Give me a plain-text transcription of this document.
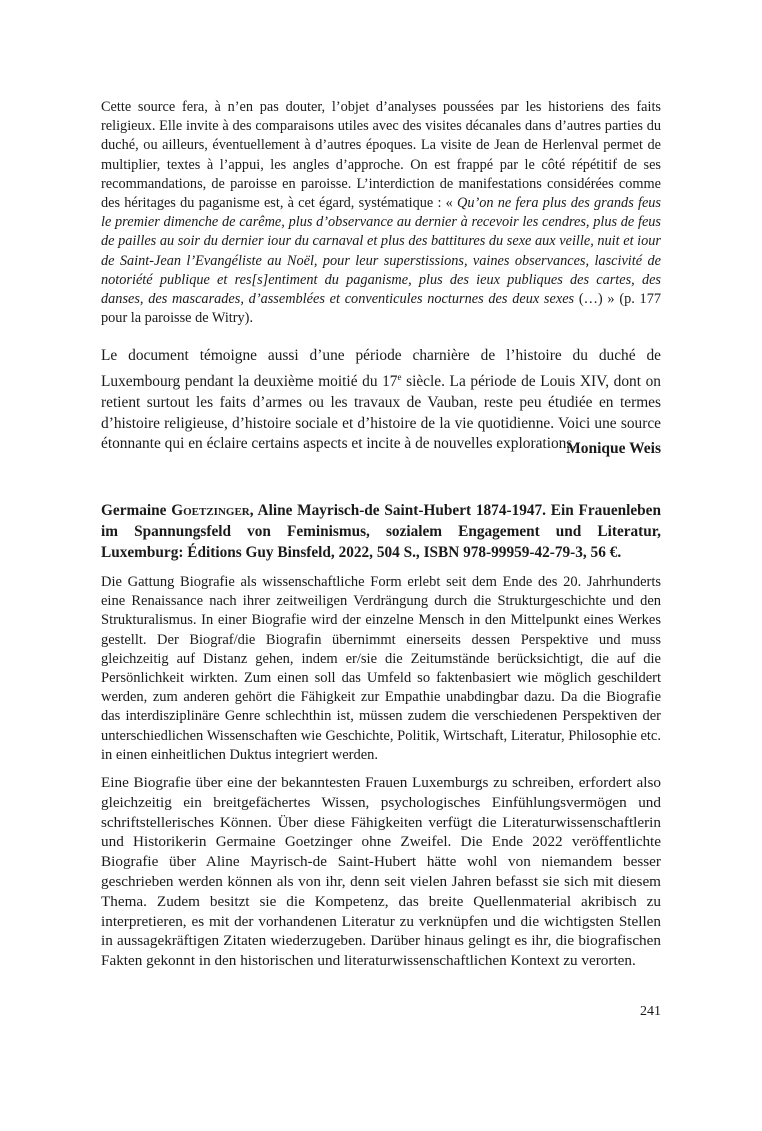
Cette source fera, à n’en pas douter, l’objet d’analyses poussées par les historiens des faits religieux. Elle invite à des comparaisons utiles avec des visites décanales dans d’autres parties du duché, ou ailleurs, éventuellement à d’autres époques. La visite de Jean de Herlenval permet de multiplier, textes à l’appui, les angles d’approche. On est frappé par le côté répétitif de ses recommandations, de paroisse en paroisse. L’interdiction de manifestations considérées comme des héritages du paganisme est, à cet égard, systématique : « Qu’on ne fera plus des grands feus le premier dimenche de carême, plus d’observance au dernier à recevoir les cendres, plus de feus de pailles au soir du dernier iour du carnaval et plus des battitures du sexe aux veille, nuit et iour de Saint-Jean l’Evangéliste au Noël, pour leur superstissions, vaines observances, lascivité de notoriété publique et res[s]entiment du paganisme, plus des ieux publiques des cartes, des danses, des mascarades, d’assemblées et conventicules nocturnes des deux sexes (…) » (p. 177 pour la paroisse de Witry).

Le document témoigne aussi d’une période charnière de l’histoire du duché de Luxembourg pendant la deuxième moitié du 17e siècle. La période de Louis XIV, dont on retient surtout les faits d’armes ou les travaux de Vauban, reste peu étudiée en termes d’histoire religieuse, d’histoire sociale et d’histoire de la vie quotidienne. Voici une source étonnante qui en éclaire certains aspects et incite à de nouvelles explorations.

Monique Weis

Germaine Goetzinger, Aline Mayrisch-de Saint-Hubert 1874-1947. Ein Frauenleben im Spannungsfeld von Feminismus, sozialem Engagement und Literatur, Luxemburg: Éditions Guy Binsfeld, 2022, 504 S., ISBN 978-99959-42-79-3, 56 €.

Die Gattung Biografie als wissenschaftliche Form erlebt seit dem Ende des 20. Jahrhunderts eine Renaissance nach ihrer zeitweiligen Verdrängung durch die Strukturgeschichte und den Strukturalismus. In einer Biografie wird der einzelne Mensch in den Mittelpunkt eines Werkes gestellt. Der Biograf/die Biografin übernimmt einerseits dessen Perspektive und muss gleichzeitig auf Distanz gehen, indem er/sie die Zeitumstände berücksichtigt, die auf die Persönlichkeit wirkten. Zum einen soll das Umfeld so faktenbasiert wie möglich geschildert werden, zum anderen gehört die Fähigkeit zur Empathie unabdingbar dazu. Da die Biografie das interdisziplinäre Genre schlechthin ist, müssen zudem die verschiedenen Perspektiven der unterschiedlichen Wissenschaften wie Geschichte, Politik, Wirtschaft, Literatur, Philosophie etc. in einen einheitlichen Duktus integriert werden.

Eine Biografie über eine der bekanntesten Frauen Luxemburgs zu schreiben, erfordert also gleichzeitig ein breitgefächertes Wissen, psychologisches Einfühlungsvermögen und schriftstellerisches Können. Über diese Fähigkeiten verfügt die Literaturwissenschaftlerin und Historikerin Germaine Goetzinger ohne Zweifel. Die Ende 2022 veröffentlichte Biografie über Aline Mayrisch-de Saint-Hubert hätte wohl von niemandem besser geschrieben werden können als von ihr, denn seit vielen Jahren befasst sie sich mit diesem Thema. Zudem besitzt sie die Kompetenz, das breite Quellenmaterial akribisch zu interpretieren, es mit der vorhandenen Literatur zu verknüpfen und die wichtigsten Stellen in aussagekräftigen Zitaten wiederzugeben. Darüber hinaus gelingt es ihr, die biografischen Fakten gekonnt in den historischen und literaturwissenschaftlichen Kontext zu verorten.

241
